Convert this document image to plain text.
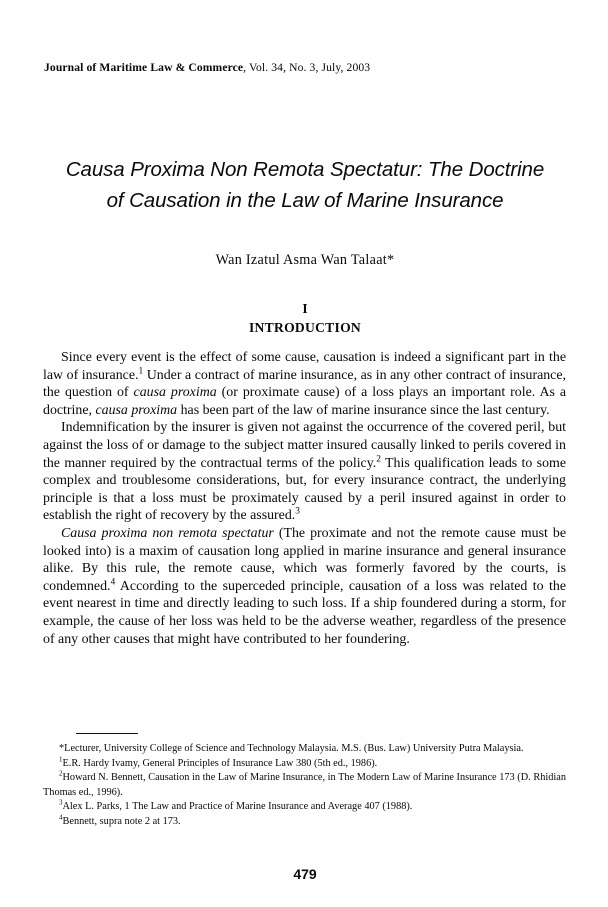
Journal of Maritime Law & Commerce, Vol. 34, No. 3, July, 2003
Causa Proxima Non Remota Spectatur: The Doctrine of Causation in the Law of Marine Insurance
Wan Izatul Asma Wan Talaat*
I
INTRODUCTION

Since every event is the effect of some cause, causation is indeed a significant part in the law of insurance.$^1$ Under a contract of marine insurance, as in any other contract of insurance, the question of causa proxima (or proximate cause) of a loss plays an important role. As a doctrine, causa proxima has been part of the law of marine insurance since the last century.

Indemnification by the insurer is given not against the occurrence of the covered peril, but against the loss of or damage to the subject matter insured causally linked to perils covered in the manner required by the contractual terms of the policy.$^2$ This qualification leads to some complex and troublesome considerations, but, for every insurance contract, the underlying principle is that a loss must be proximately caused by a peril insured against in order to establish the right of recovery by the assured.$^3$

Causa proxima non remota spectatur (The proximate and not the remote cause must be looked into) is a maxim of causation long applied in marine insurance and general insurance alike. By this rule, the remote cause, which was formerly favored by the courts, is condemned.$^4$ According to the superceded principle, causation of a loss was related to the event nearest in time and directly leading to such loss. If a ship foundered during a storm, for example, the cause of her loss was held to be the adverse weather, regardless of the presence of any other causes that might have contributed to her foundering.

*Lecturer, University College of Science and Technology Malaysia. M.S. (Bus. Law) University Putra Malaysia.

$^1$E.R. Hardy Ivamy, General Principles of Insurance Law 380 (5th ed., 1986).

$^2$Howard N. Bennett, Causation in the Law of Marine Insurance, in The Modern Law of Marine Insurance 173 (D. Rhidian Thomas ed., 1996).

$^3$Alex L. Parks, 1 The Law and Practice of Marine Insurance and Average 407 (1988).

$^4$Bennett, supra note 2 at 173.

479
